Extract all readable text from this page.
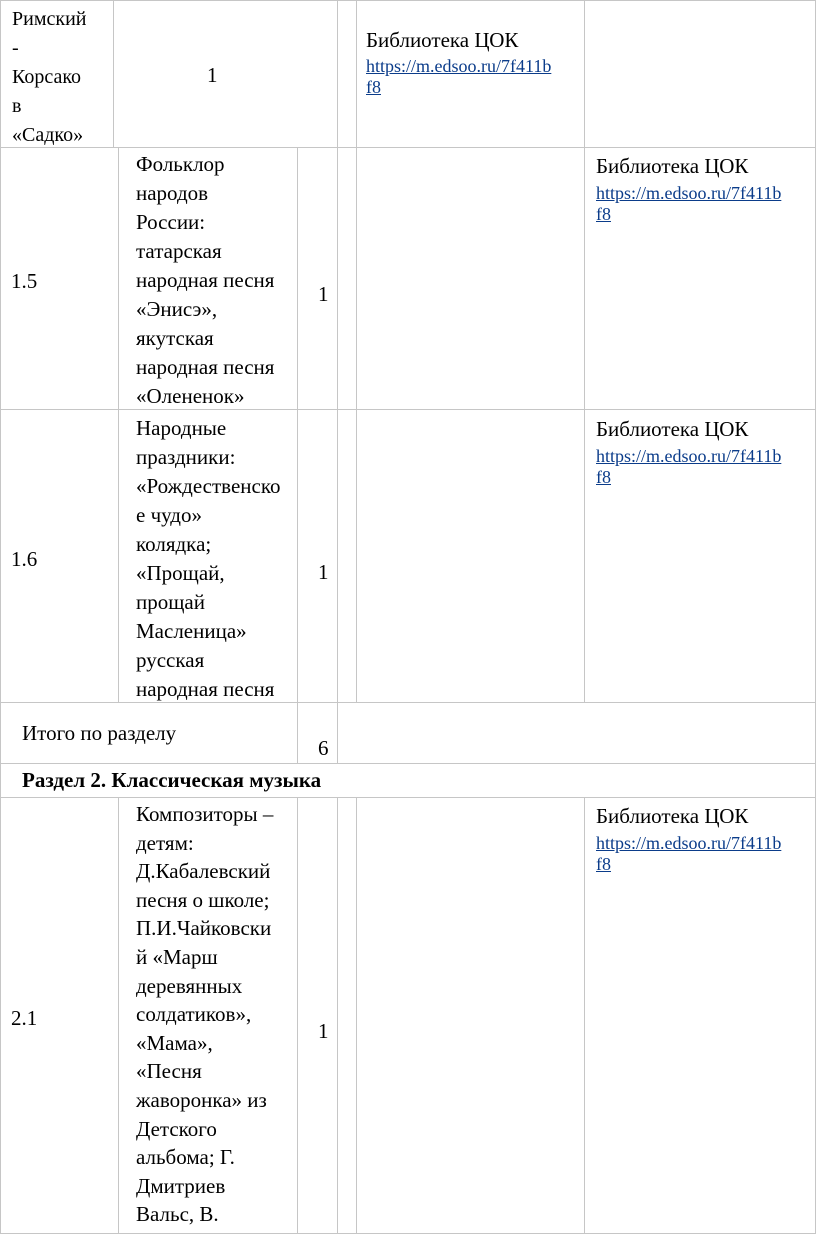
Римский
-
Корсако
в
«Садко»
1
Библиотека ЦОК
https://m.edsoo.ru/7f411b
f8
1.5
Фольклор
народов
России:
татарская
народная песня
«Энисэ»,
якутская
народная песня
«Олененок»
1
Библиотека ЦОК
https://m.edsoo.ru/7f411b
f8
1.6
Народные
праздники:
«Рождественско
е чудо»
колядка;
«Прощай,
прощай
Масленица»
русская
народная песня
1
Библиотека ЦОК
https://m.edsoo.ru/7f411b
f8
Итого по разделу
6
Раздел 2. Классическая музыка
2.1
Композиторы –
детям:
Д.Кабалевский
песня о школе;
П.И.Чайковски
й «Марш
деревянных
солдатиков»,
«Мама»,
«Песня
жаворонка» из
Детского
альбома; Г.
Дмитриев
Вальс, В.
1
Библиотека ЦОК
https://m.edsoo.ru/7f411b
f8
